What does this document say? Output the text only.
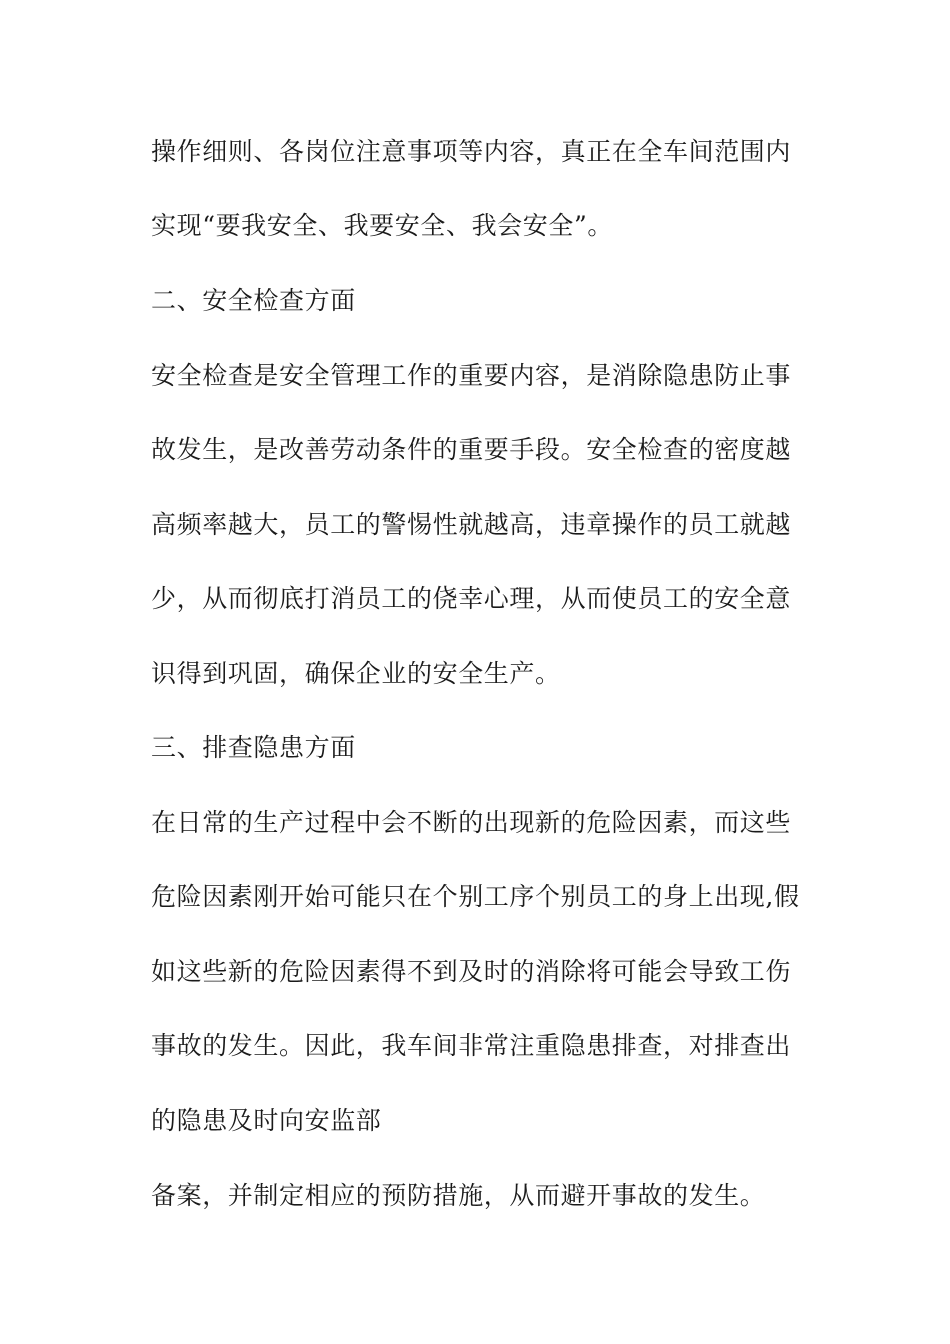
操作细则、各岗位注意事项等内容，真正在全车间范围内
实现“要我安全、我要安全、我会安全”。
二、安全检查方面
安全检查是安全管理工作的重要内容，是消除隐患防止事
故发生，是改善劳动条件的重要手段。安全检查的密度越
高频率越大，员工的警惕性就越高，违章操作的员工就越
少，从而彻底打消员工的侥幸心理，从而使员工的安全意
识得到巩固，确保企业的安全生产。
三、排查隐患方面
在日常的生产过程中会不断的出现新的危险因素，而这些
危险因素刚开始可能只在个别工序个别员工的身上出现,假
如这些新的危险因素得不到及时的消除将可能会导致工伤
事故的发生。因此，我车间非常注重隐患排查，对排查出
的隐患及时向安监部
备案，并制定相应的预防措施，从而避开事故的发生。
